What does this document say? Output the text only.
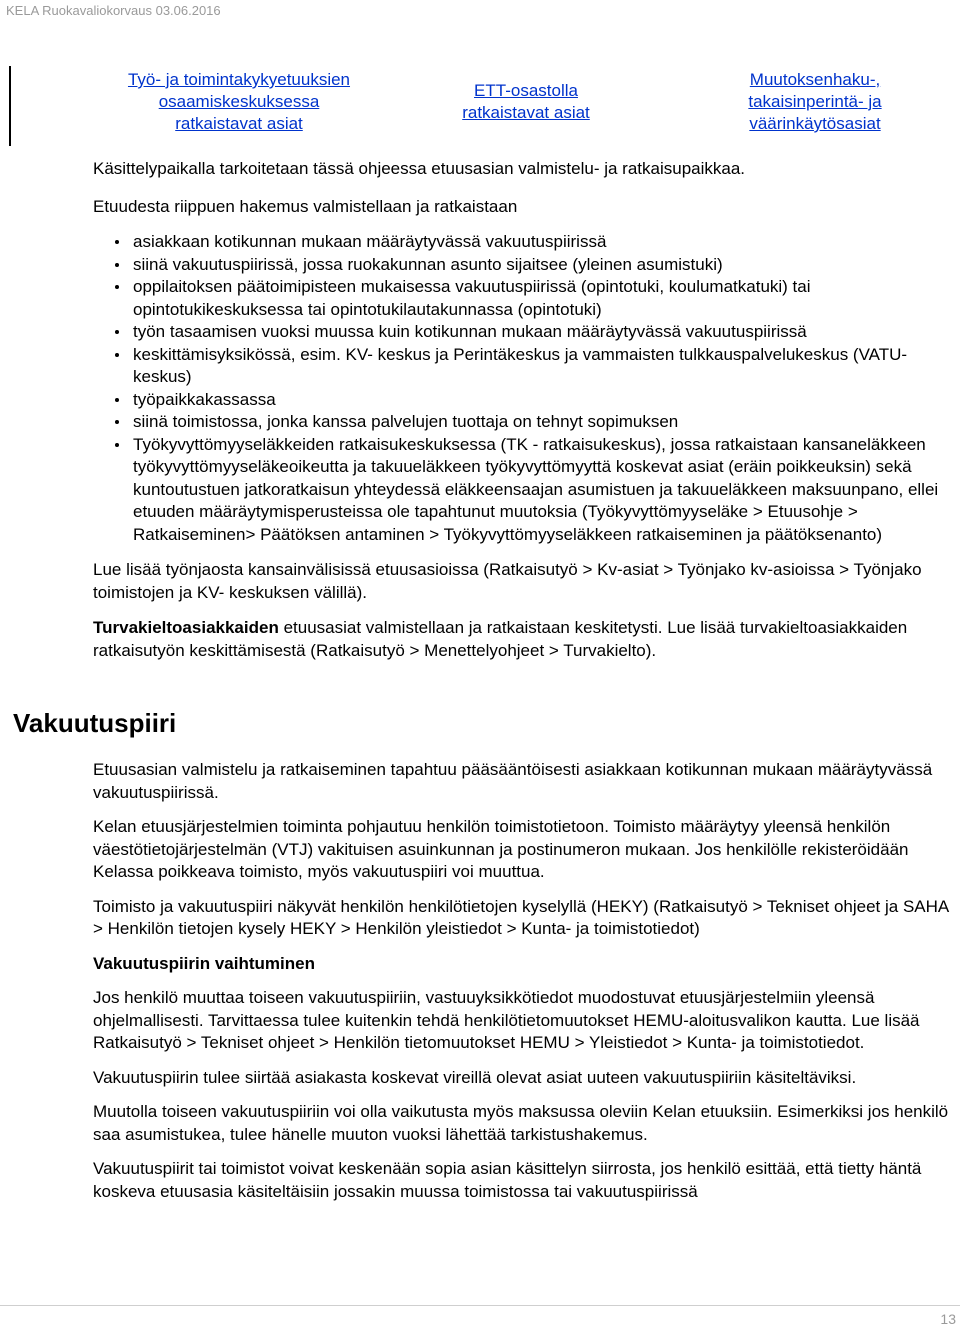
KELA Ruokavaliokorvaus 03.06.2016
Työ- ja toimintakykyetuuksien
osaamiskeskuksessa
ratkaistavat asiat
ETT-osastolla
ratkaistavat asiat
Muutoksenhaku-,
takaisinperintä- ja
väärinkäytösasiat

Käsittelypaikalla tarkoitetaan tässä ohjeessa etuusasian valmistelu- ja ratkaisupaikkaa.

Etuudesta riippuen hakemus valmistellaan ja ratkaistaan

asiakkaan kotikunnan mukaan määräytyvässä vakuutuspiirissä
siinä vakuutuspiirissä, jossa ruokakunnan asunto sijaitsee (yleinen asumistuki)
oppilaitoksen päätoimipisteen mukaisessa vakuutuspiirissä (opintotuki, koulumatkatuki) tai opintotukikeskuksessa tai opintotukilautakunnassa (opintotuki)
työn tasaamisen vuoksi muussa kuin kotikunnan mukaan määräytyvässä vakuutuspiirissä
keskittämisyksikössä, esim. KV- keskus ja Perintäkeskus ja vammaisten tulkkauspalvelukeskus (VATU-keskus)
työpaikkakassassa
siinä toimistossa, jonka kanssa palvelujen tuottaja on tehnyt sopimuksen
Työkyvyttömyyseläkkeiden ratkaisukeskuksessa (TK - ratkaisukeskus), jossa ratkaistaan kansaneläkkeen työkyvyttömyyseläkeoikeutta ja takuueläkkeen työkyvyttömyyttä koskevat asiat (eräin poikkeuksin) sekä kuntoutustuen jatkoratkaisun yhteydessä eläkkeensaajan asumistuen ja takuueläkkeen maksuunpano, ellei etuuden määräytymisperusteissa ole tapahtunut muutoksia (Työkyvyttömyyseläke > Etuusohje > Ratkaiseminen> Päätöksen antaminen > Työkyvyttömyyseläkkeen ratkaiseminen ja päätöksenanto)

Lue lisää työnjaosta kansainvälisissä etuusasioissa (Ratkaisutyö > Kv-asiat > Työnjako kv-asioissa > Työnjako toimistojen ja KV- keskuksen välillä).

Turvakieltoasiakkaiden etuusasiat valmistellaan ja ratkaistaan keskitetysti. Lue lisää turvakieltoasiakkaiden ratkaisutyön keskittämisestä (Ratkaisutyö > Menettelyohjeet > Turvakielto).

Vakuutuspiiri

Etuusasian valmistelu ja ratkaiseminen tapahtuu pääsääntöisesti asiakkaan kotikunnan mukaan määräytyvässä vakuutuspiirissä.

Kelan etuusjärjestelmien toiminta pohjautuu henkilön toimistotietoon. Toimisto määräytyy yleensä henkilön väestötietojärjestelmän (VTJ) vakituisen asuinkunnan ja postinumeron mukaan. Jos henkilölle rekisteröidään Kelassa poikkeava toimisto, myös vakuutuspiiri voi muuttua.

Toimisto ja vakuutuspiiri näkyvät henkilön henkilötietojen kyselyllä (HEKY) (Ratkaisutyö > Tekniset ohjeet ja SAHA > Henkilön tietojen kysely HEKY > Henkilön yleistiedot > Kunta- ja toimistotiedot)

Vakuutuspiirin vaihtuminen

Jos henkilö muuttaa toiseen vakuutuspiiriin, vastuuyksikkötiedot muodostuvat etuusjärjestelmiin yleensä ohjelmallisesti. Tarvittaessa tulee kuitenkin tehdä henkilötietomuutokset HEMU-aloitusvalikon kautta. Lue lisää Ratkaisutyö > Tekniset ohjeet > Henkilön tietomuutokset HEMU > Yleistiedot > Kunta- ja toimistotiedot.

Vakuutuspiirin tulee siirtää asiakasta koskevat vireillä olevat asiat uuteen vakuutuspiiriin käsiteltäviksi.

Muutolla toiseen vakuutuspiiriin voi olla vaikutusta myös maksussa oleviin Kelan etuuksiin. Esimerkiksi jos henkilö saa asumistukea, tulee hänelle muuton vuoksi lähettää tarkistushakemus.

Vakuutuspiirit tai toimistot voivat keskenään sopia asian käsittelyn siirrosta, jos henkilö esittää, että tietty häntä koskeva etuusasia käsiteltäisiin jossakin muussa toimistossa tai vakuutuspiirissä

13
